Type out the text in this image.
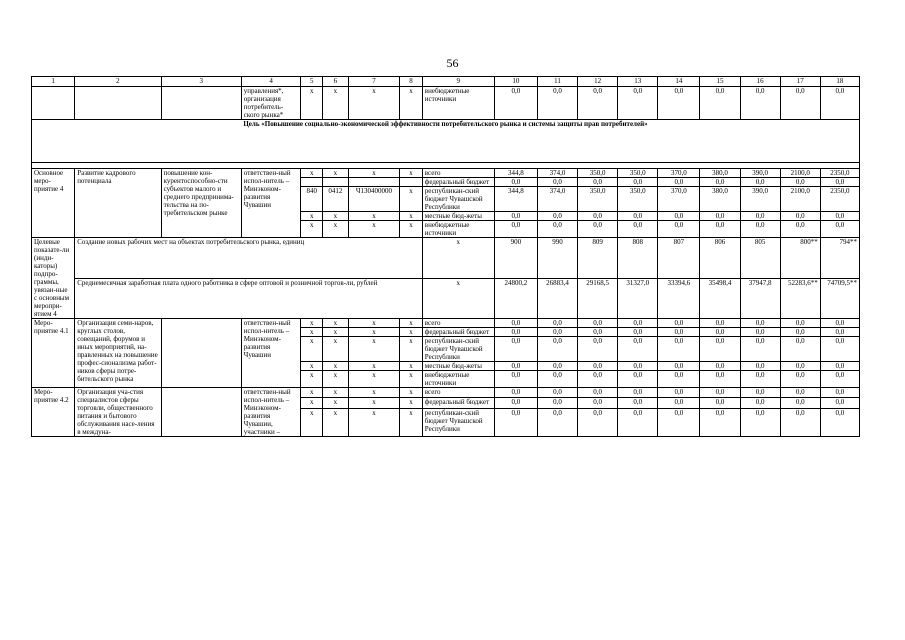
56
1	2	3	4	5	6	7	8	9	10	11	12	13	14	15	16	17	18
			управления*, организация потребитель-ского рынка*	x	x	x	x	внебюджетные источники	0,0	0,0	0,0	0,0	0,0	0,0	0,0	0,0	0,0
Цель «Повышение социально-экономической эффективности потребительского рынка и системы защиты прав потребителей»																	

Основное меро-приятие 4	Развитие кадрового потенциала	повышение кон-курентоспособно-сти субъектов малого и среднего предпринима-тельства на по-требительском рынке	ответствен-ный испол-нитель – Минэконом-развития Чувашии	x	x	x	x	всего	344,8	374,0	350,0	350,0	370,0	380,0	390,0	2100,0	2350,0
								федеральный бюджет	0,0	0,0	0,0	0,0	0,0	0,0	0,0	0,0	0,0
				840	0412	Ч130400000	x	республикан-ский бюджет Чувашской Республики	344,8	374,0	350,0	350,0	370,0	380,0	390,0	2100,0	2350,0
				x	x	x	x	местные бюд-жеты	0,0	0,0	0,0	0,0	0,0	0,0	0,0	0,0	0,0
				x	x	x	x	внебюджетные источники	0,0	0,0	0,0	0,0	0,0	0,0	0,0	0,0	0,0
Целевые показате-ли (инди-каторы) подпро-граммы, увязан-ные с основным меропри-ятием 4	Создание новых рабочих мест на объектах потребительского рынка, единиц							x	900	990	809	808	807	806	805	800**	794**
	Среднемесячная заработная плата одного работника в сфере оптовой и розничной торгов-ли, рублей							x	24800,2	26883,4	29168,5	31327,0	33394,6	35498,4	37947,8	52283,6**	74709,5**
Меро-приятие 4.1	Организация семи-наров, круглых столов, совещаний, форумов и иных мероприятий, на-правленных на повышение профес-сионализма работ-ников сферы потре-бительского рынка		ответствен-ный испол-нитель – Минэконом-развития Чувашии	x	x	x	x	всего	0,0	0,0	0,0	0,0	0,0	0,0	0,0	0,0	0,0
				x	x	x	x	федеральный бюджет	0,0	0,0	0,0	0,0	0,0	0,0	0,0	0,0	0,0
				x	x	x	x	республикан-ский бюджет Чувашской Республики	0,0	0,0	0,0	0,0	0,0	0,0	0,0	0,0	0,0
				x	x	x	x	местные бюд-жеты	0,0	0,0	0,0	0,0	0,0	0,0	0,0	0,0	0,0
				x	x	x	x	внебюджетные источники	0,0	0,0	0,0	0,0	0,0	0,0	0,0	0,0	0,0
Меро-приятие 4.2	Организация уча-стия специалистов сферы торговли, общественного питания и бытового обслуживания насе-ления в междуна-		ответствен-ный испол-нитель – Минэконом-развития Чувашии, участники –	x	x	x	x	всего	0,0	0,0	0,0	0,0	0,0	0,0	0,0	0,0	0,0
				x	x	x	x	федеральный бюджет	0,0	0,0	0,0	0,0	0,0	0,0	0,0	0,0	0,0
				x	x	x	x	республикан-ский бюджет Чувашской Республики	0,0	0,0	0,0	0,0	0,0	0,0	0,0	0,0	0,0
